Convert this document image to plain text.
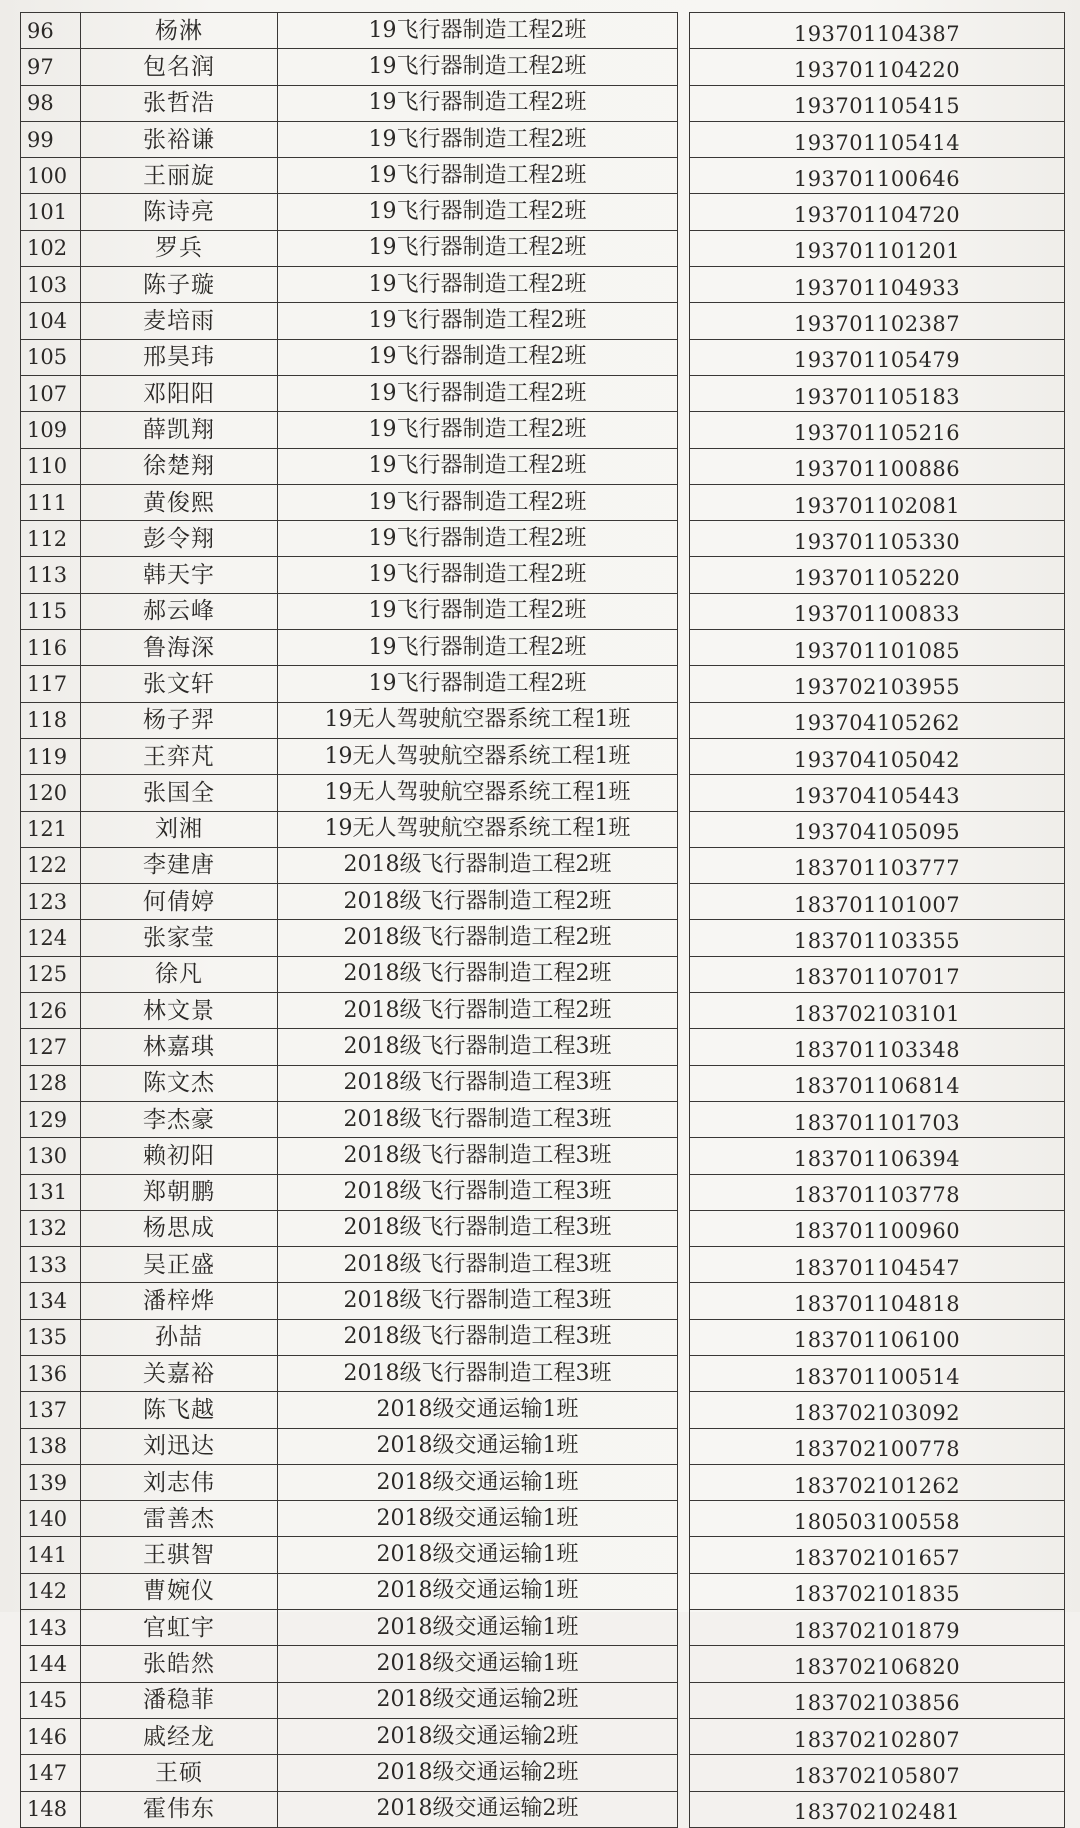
96	杨淋	19飞行器制造工程2班		193701104387
97	包名润	19飞行器制造工程2班		193701104220
98	张哲浩	19飞行器制造工程2班		193701105415
99	张裕谦	19飞行器制造工程2班		193701105414
100	王丽旋	19飞行器制造工程2班		193701100646
101	陈诗亮	19飞行器制造工程2班		193701104720
102	罗兵	19飞行器制造工程2班		193701101201
103	陈子璇	19飞行器制造工程2班		193701104933
104	麦培雨	19飞行器制造工程2班		193701102387
105	邢昊玮	19飞行器制造工程2班		193701105479
107	邓阳阳	19飞行器制造工程2班		193701105183
109	薛凯翔	19飞行器制造工程2班		193701105216
110	徐楚翔	19飞行器制造工程2班		193701100886
111	黄俊熙	19飞行器制造工程2班		193701102081
112	彭令翔	19飞行器制造工程2班		193701105330
113	韩天宇	19飞行器制造工程2班		193701105220
115	郝云峰	19飞行器制造工程2班		193701100833
116	鲁海深	19飞行器制造工程2班		193701101085
117	张文轩	19飞行器制造工程2班		193702103955
118	杨子羿	19无人驾驶航空器系统工程1班		193704105262
119	王弈芃	19无人驾驶航空器系统工程1班		193704105042
120	张国全	19无人驾驶航空器系统工程1班		193704105443
121	刘湘	19无人驾驶航空器系统工程1班		193704105095
122	李建唐	2018级飞行器制造工程2班		183701103777
123	何倩婷	2018级飞行器制造工程2班		183701101007
124	张家莹	2018级飞行器制造工程2班		183701103355
125	徐凡	2018级飞行器制造工程2班		183701107017
126	林文景	2018级飞行器制造工程2班		183702103101
127	林嘉琪	2018级飞行器制造工程3班		183701103348
128	陈文杰	2018级飞行器制造工程3班		183701106814
129	李杰豪	2018级飞行器制造工程3班		183701101703
130	赖初阳	2018级飞行器制造工程3班		183701106394
131	郑朝鹏	2018级飞行器制造工程3班		183701103778
132	杨思成	2018级飞行器制造工程3班		183701100960
133	吴正盛	2018级飞行器制造工程3班		183701104547
134	潘梓烨	2018级飞行器制造工程3班		183701104818
135	孙喆	2018级飞行器制造工程3班		183701106100
136	关嘉裕	2018级飞行器制造工程3班		183701100514
137	陈飞越	2018级交通运输1班		183702103092
138	刘迅达	2018级交通运输1班		183702100778
139	刘志伟	2018级交通运输1班		183702101262
140	雷善杰	2018级交通运输1班		180503100558
141	王骐智	2018级交通运输1班		183702101657
142	曹婉仪	2018级交通运输1班		183702101835
143	官虹宇	2018级交通运输1班		183702101879
144	张皓然	2018级交通运输1班		183702106820
145	潘稳菲	2018级交通运输2班		183702103856
146	戚经龙	2018级交通运输2班		183702102807
147	王硕	2018级交通运输2班		183702105807
148	霍伟东	2018级交通运输2班		183702102481
